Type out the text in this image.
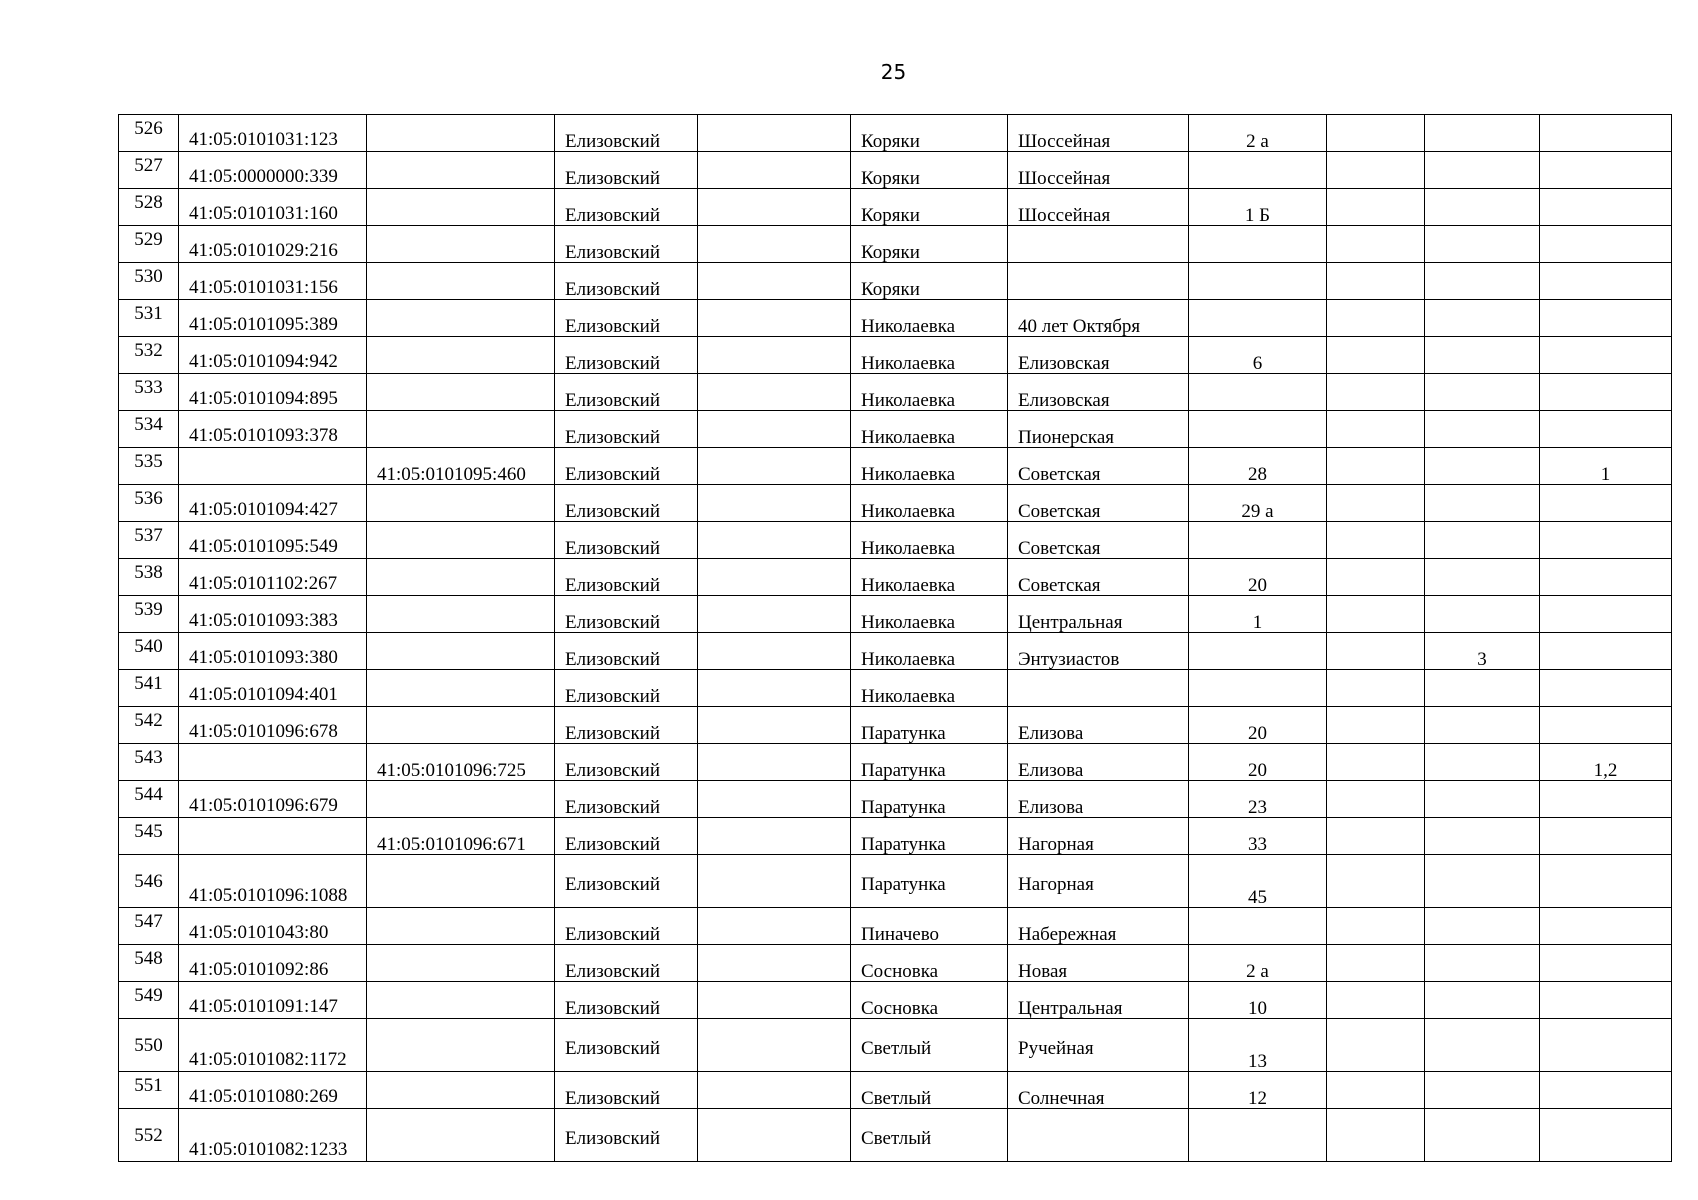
25
526	41:05:0101031:123		Елизовский		Коряки	Шоссейная	2 а			
527	41:05:0000000:339		Елизовский		Коряки	Шоссейная				
528	41:05:0101031:160		Елизовский		Коряки	Шоссейная	1 Б			
529	41:05:0101029:216		Елизовский		Коряки					
530	41:05:0101031:156		Елизовский		Коряки					
531	41:05:0101095:389		Елизовский		Николаевка	40 лет Октября				
532	41:05:0101094:942		Елизовский		Николаевка	Елизовская	6			
533	41:05:0101094:895		Елизовский		Николаевка	Елизовская				
534	41:05:0101093:378		Елизовский		Николаевка	Пионерская				
535		41:05:0101095:460	Елизовский		Николаевка	Советская	28			1
536	41:05:0101094:427		Елизовский		Николаевка	Советская	29 а			
537	41:05:0101095:549		Елизовский		Николаевка	Советская				
538	41:05:0101102:267		Елизовский		Николаевка	Советская	20			
539	41:05:0101093:383		Елизовский		Николаевка	Центральная	1			
540	41:05:0101093:380		Елизовский		Николаевка	Энтузиастов			3	
541	41:05:0101094:401		Елизовский		Николаевка					
542	41:05:0101096:678		Елизовский		Паратунка	Елизова	20			
543		41:05:0101096:725	Елизовский		Паратунка	Елизова	20			1,2
544	41:05:0101096:679		Елизовский		Паратунка	Елизова	23			
545		41:05:0101096:671	Елизовский		Паратунка	Нагорная	33			
546	41:05:0101096:1088		Елизовский		Паратунка	Нагорная	45			
547	41:05:0101043:80		Елизовский		Пиначево	Набережная				
548	41:05:0101092:86		Елизовский		Сосновка	Новая	2 а			
549	41:05:0101091:147		Елизовский		Сосновка	Центральная	10			
550	41:05:0101082:1172		Елизовский		Светлый	Ручейная	13			
551	41:05:0101080:269		Елизовский		Светлый	Солнечная	12			
552	41:05:0101082:1233		Елизовский		Светлый					
